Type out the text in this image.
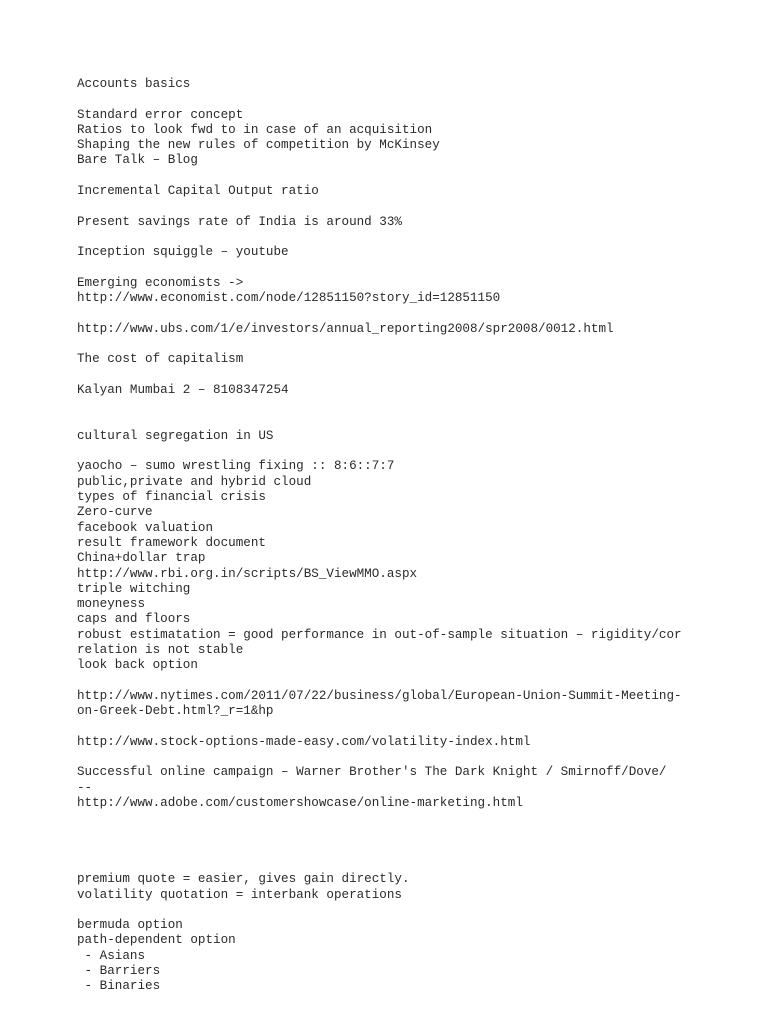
Accounts basics
Standard error concept
Ratios to look fwd to in case of an acquisition
Shaping the new rules of competition by McKinsey
Bare Talk – Blog
Incremental Capital Output ratio
Present savings rate of India is around 33%
Inception squiggle – youtube
Emerging economists ->
http://www.economist.com/node/12851150?story_id=12851150
http://www.ubs.com/1/e/investors/annual_reporting2008/spr2008/0012.html
The cost of capitalism
Kalyan Mumbai 2 – 8108347254
cultural segregation in US
yaocho – sumo wrestling fixing :: 8:6::7:7
public,private and hybrid cloud
types of financial crisis
Zero-curve
facebook valuation
result framework document
China+dollar trap
http://www.rbi.org.in/scripts/BS_ViewMMO.aspx
triple witching
moneyness
caps and floors
robust estimatation = good performance in out-of-sample situation – rigidity/cor
relation is not stable
look back option
http://www.nytimes.com/2011/07/22/business/global/European-Union-Summit-Meeting-
on-Greek-Debt.html?_r=1&hp
http://www.stock-options-made-easy.com/volatility-index.html
Successful online campaign – Warner Brother's The Dark Knight / Smirnoff/Dove/
--
http://www.adobe.com/customershowcase/online-marketing.html
premium quote = easier, gives gain directly.
volatility quotation = interbank operations
bermuda option
path-dependent option
- Asians
- Barriers
- Binaries
